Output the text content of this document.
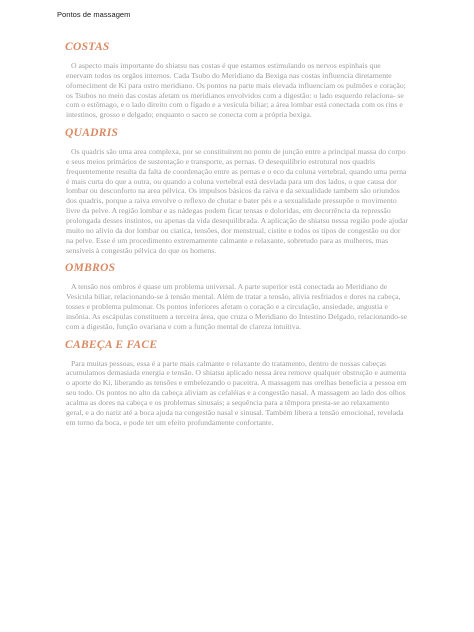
Pontos de massagem
COSTAS

O aspecto mais importante do shiatsu nas costas é que estamos estimulando os nervos espinhais que enervam todos os orgãos internos. Cada Tsubo do Meridiano da Bexiga nas costas influencia diretamente oforneciment de Ki para ostro meridiano. Os pontos na parte mais elevada influenciam os pulmões e coração; os Tsubos no meio das costas afetam os meridianos envolvidos com a digestão: o lado esquerdo relaciona- se com o estômago, e o lado direito com o fígado e a vesícula biliar; a área lombar está conectada com os rins e intestinos, grosso e delgado; enquanto o sacro se conecta com a própria bexiga.

QUADRIS

Os quadris são uma area complexa, por se constituírem no ponto de junção entre a principal massa do corpo e seus meios primários de sustentação e transporte, as pernas. O desequilíbrio estrutural nos quadris frequentemente resulta da falta de coordenação entre as pernas e o eco da coluna vertebral, quando uma perna é mais curta do que a outra, ou quando a coluna vertebral está desviada para um dos lados, o que causa dor lombar ou desconforto na area pélvica. Os impulsos básicos da raiva e da sexualidade tambem são oriundos dos quadris, porque a raiva envolve o reflexo de chutar e bater pés e a sexualidade pressupõe o movimento livre da pelve. A região lombar e as nádegas podem ficar tensas e doloridas, em decorrência da repressão prolongada desses instintos, ou apenas da vida desequilibrada. A aplicação de shiatsu nessa região pode ajudar muito no alívio da dor lombar ou ciatica, tensões, dor menstrual, cistite e todos os tipos de congestão ou dor na pelve. Esse é um procedimento extremamente calmante e relaxante, sobretudo para as mulheres, mas sensíveis à congestão pélvica do que os homens.

OMBROS

A tensão nos ombros é quase um problema universal. A parte superior está conectada ao Meridiano de Vesícula biliar, relacionando-se à tensão mental. Além de tratar a tensão, alivia resfriados e dores na cabeça, tosses e problema pulmonar. Os pontos inferiores afetam o coração e a circulação, ansiedade, angustia e insônia. As escápulas constituem a terceira área, que cruza o Meridiano do Intestino Delgado, relacionando-se com a digestão, função ovariana e com a função mental de clareza intuitiva.

CABEÇA E FACE

Para muitas pessoas, essa é a parte mais calmante e relaxante do tratamento, dentro de nossas cabeças acumulamos demasiada energia e tensão. O shiatsu aplicado nessa área remove qualquer obstrução e aumenta o aporte do Ki, liberando as tensões e embelezando o paceitra. A massagem nas orelhas beneficia a pessoa em seu todo. Os pontos no alto da cabeça aliviam as cefaléias e a congestão nasal. A massagem ao lado dos olhos acalma as dores na cabeça e os problemas sinusais; a sequência para a têmpora presta-se ao relaxamento geral, e a do nariz até a boca ajuda na congestão nasal e sinusal. Também libera a tensão emocional, revelada em torno da boca, e pode ter um efeito profundamente confortante.
